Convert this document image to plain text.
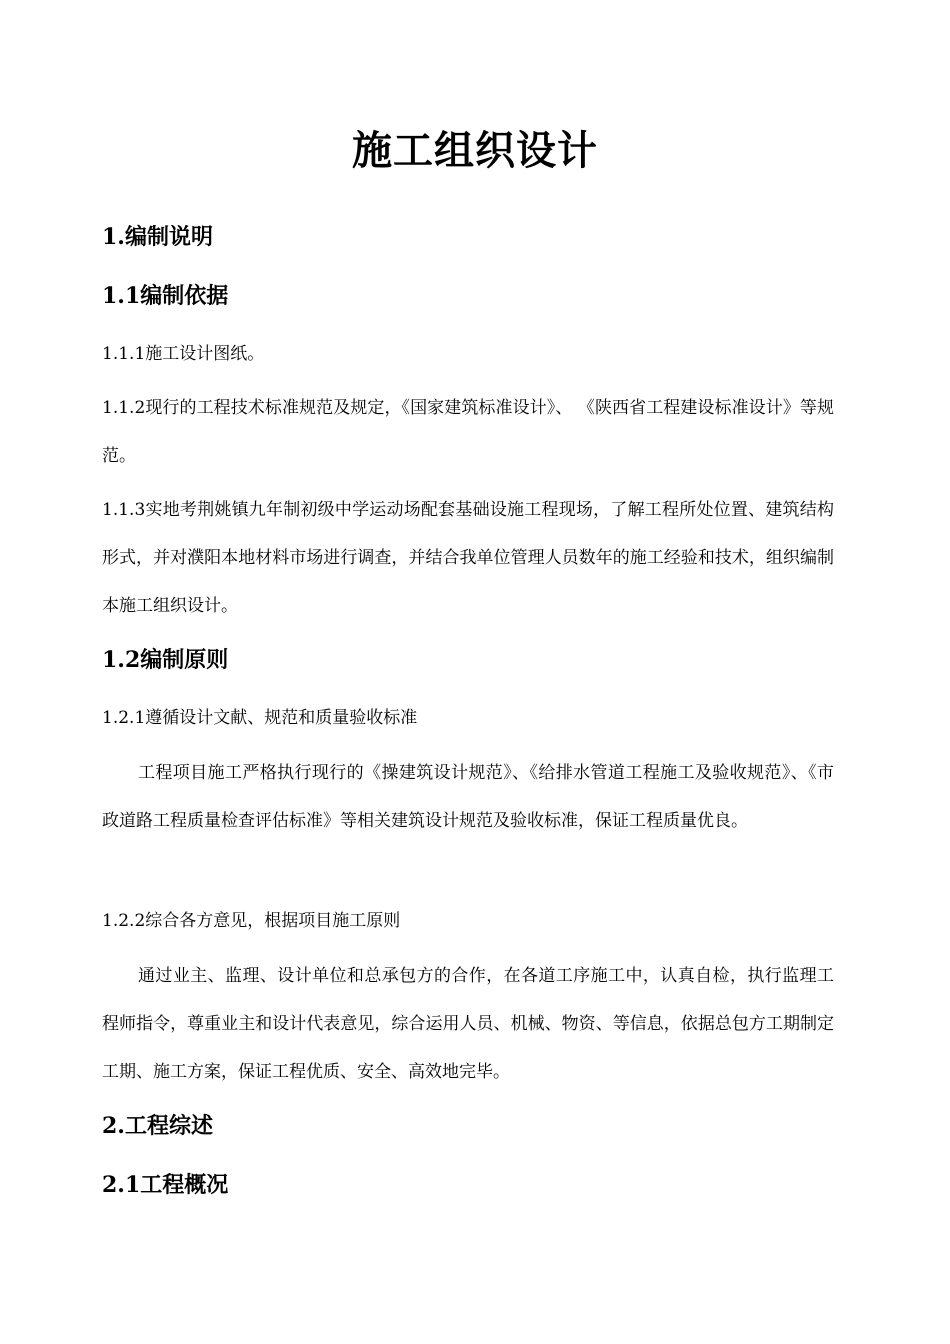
施工组织设计
1.编制说明
1.1编制依据
1.1.1施工设计图纸。
1.1.2现行的工程技术标准规范及规定，《国家建筑标准设计》、 《陕西省工程建设标准设计》等规范。
1.1.3实地考荆姚镇九年制初级中学运动场配套基础设施工程现场，了解工程所处位置、建筑结构形式，并对濮阳本地材料市场进行调查，并结合我单位管理人员数年的施工经验和技术，组织编制本施工组织设计。
1.2编制原则
1.2.1遵循设计文献、规范和质量验收标准
工程项目施工严格执行现行的《操建筑设计规范》、《给排水管道工程施工及验收规范》、《市政道路工程质量检查评估标准》等相关建筑设计规范及验收标准，保证工程质量优良。
1.2.2综合各方意见，根据项目施工原则
通过业主、监理、设计单位和总承包方的合作，在各道工序施工中，认真自检，执行监理工程师指令，尊重业主和设计代表意见，综合运用人员、机械、物资、等信息，依据总包方工期制定工期、施工方案，保证工程优质、安全、高效地完毕。
2.工程综述
2.1工程概况
